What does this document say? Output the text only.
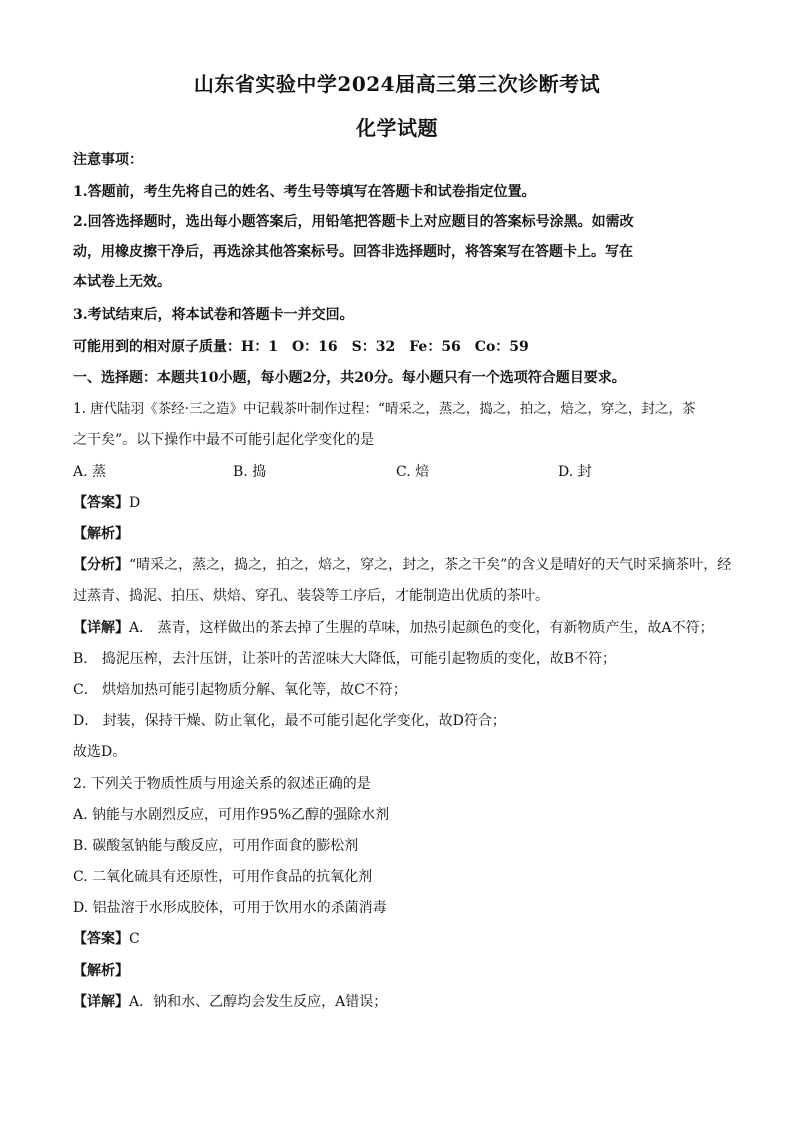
山东省实验中学2024届高三第三次诊断考试
化学试题
注意事项：
1.答题前，考生先将自己的姓名、考生号等填写在答题卡和试卷指定位置。
2.回答选择题时，选出每小题答案后，用铅笔把答题卡上对应题目的答案标号涂黑。如需改
动，用橡皮擦干净后，再选涂其他答案标号。回答非选择题时，将答案写在答题卡上。写在
本试卷上无效。
3.考试结束后，将本试卷和答题卡一并交回。
可能用到的相对原子质量：H：1　O：16　S：32　Fe：56　Co：59
一、选择题：本题共10小题，每小题2分，共20分。每小题只有一个选项符合题目要求。
1. 唐代陆羽《茶经·三之造》中记载茶叶制作过程：“晴采之，蒸之，捣之，拍之，焙之，穿之，封之，茶
之干矣”。以下操作中最不可能引起化学变化的是
A. 蒸	B. 捣	C. 焙	D. 封
【答案】D
【解析】
【分析】“晴采之，蒸之，捣之，拍之，焙之，穿之，封之，茶之干矣”的含义是晴好的天气时采摘茶叶，经
过蒸青、捣泥、拍压、烘焙、穿孔、装袋等工序后，才能制造出优质的茶叶。
【详解】A． 蒸青，这样做出的茶去掉了生腥的草味，加热引起颜色的变化，有新物质产生，故A不符；
B． 捣泥压榨，去汁压饼，让茶叶的苦涩味大大降低，可能引起物质的变化，故B不符；
C． 烘焙加热可能引起物质分解、氧化等，故C不符；
D． 封装，保持干燥、防止氧化，最不可能引起化学变化，故D符合；
故选D。
2. 下列关于物质性质与用途关系的叙述正确的是
A. 钠能与水剧烈反应，可用作95%乙醇的强除水剂
B. 碳酸氢钠能与酸反应，可用作面食的膨松剂
C. 二氧化硫具有还原性，可用作食品的抗氧化剂
D. 铝盐溶于水形成胶体，可用于饮用水的杀菌消毒
【答案】C
【解析】
【详解】A．钠和水、乙醇均会发生反应，A错误；
